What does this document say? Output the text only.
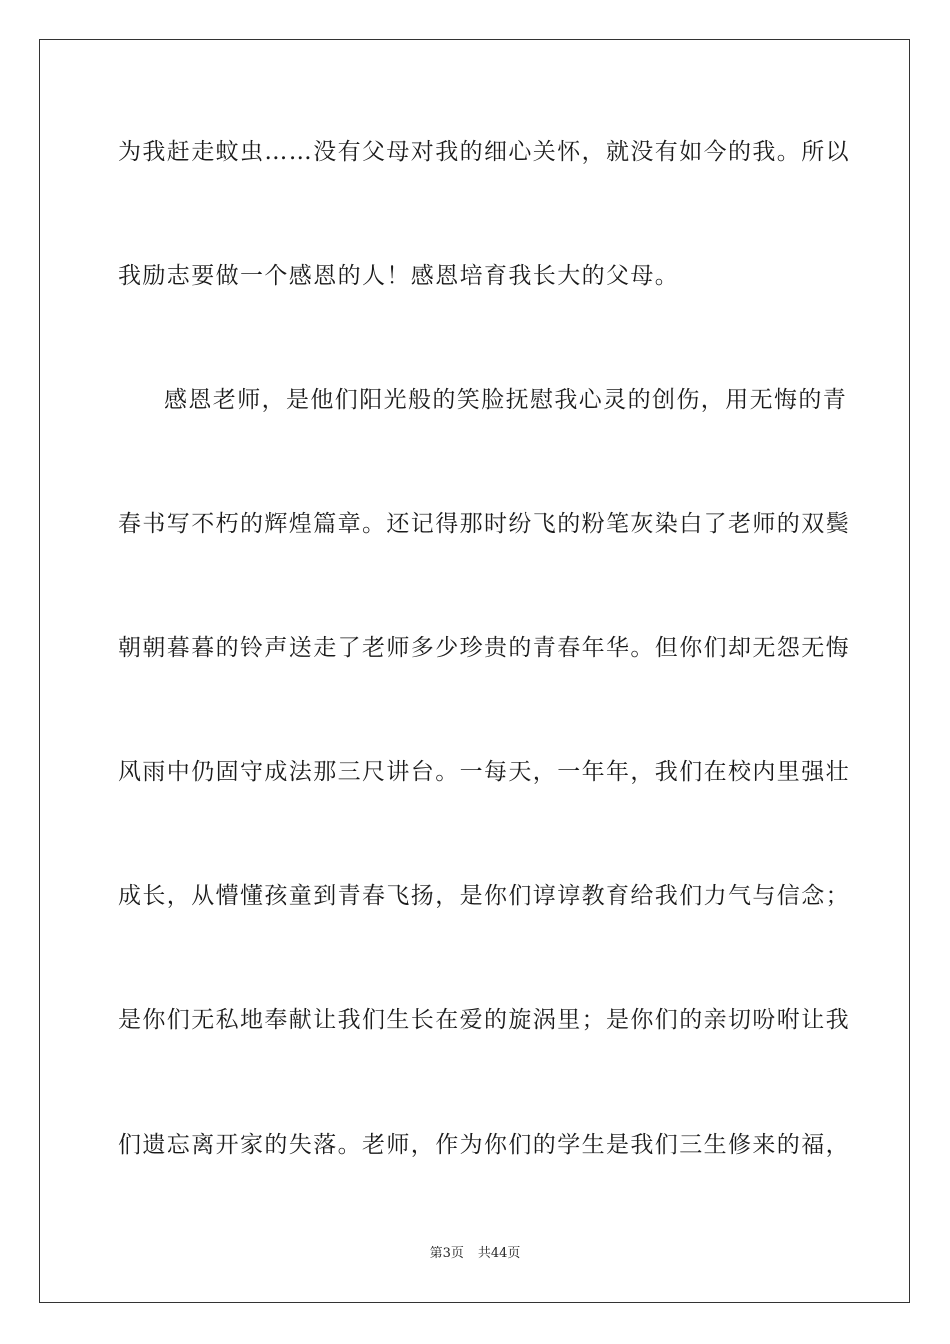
为我赶走蚊虫……没有父母对我的细心关怀，就没有如今的我。所以
我励志要做一个感恩的人！感恩培育我长大的父母。
感恩老师，是他们阳光般的笑脸抚慰我心灵的创伤，用无悔的青
春书写不朽的辉煌篇章。还记得那时纷飞的粉笔灰染白了老师的双鬓
朝朝暮暮的铃声送走了老师多少珍贵的青春年华。但你们却无怨无悔
风雨中仍固守成法那三尺讲台。一每天，一年年，我们在校内里强壮
成长，从懵懂孩童到青春飞扬，是你们谆谆教育给我们力气与信念；
是你们无私地奉献让我们生长在爱的旋涡里；是你们的亲切吩咐让我
们遗忘离开家的失落。老师，作为你们的学生是我们三生修来的福，
第3页 共44页
